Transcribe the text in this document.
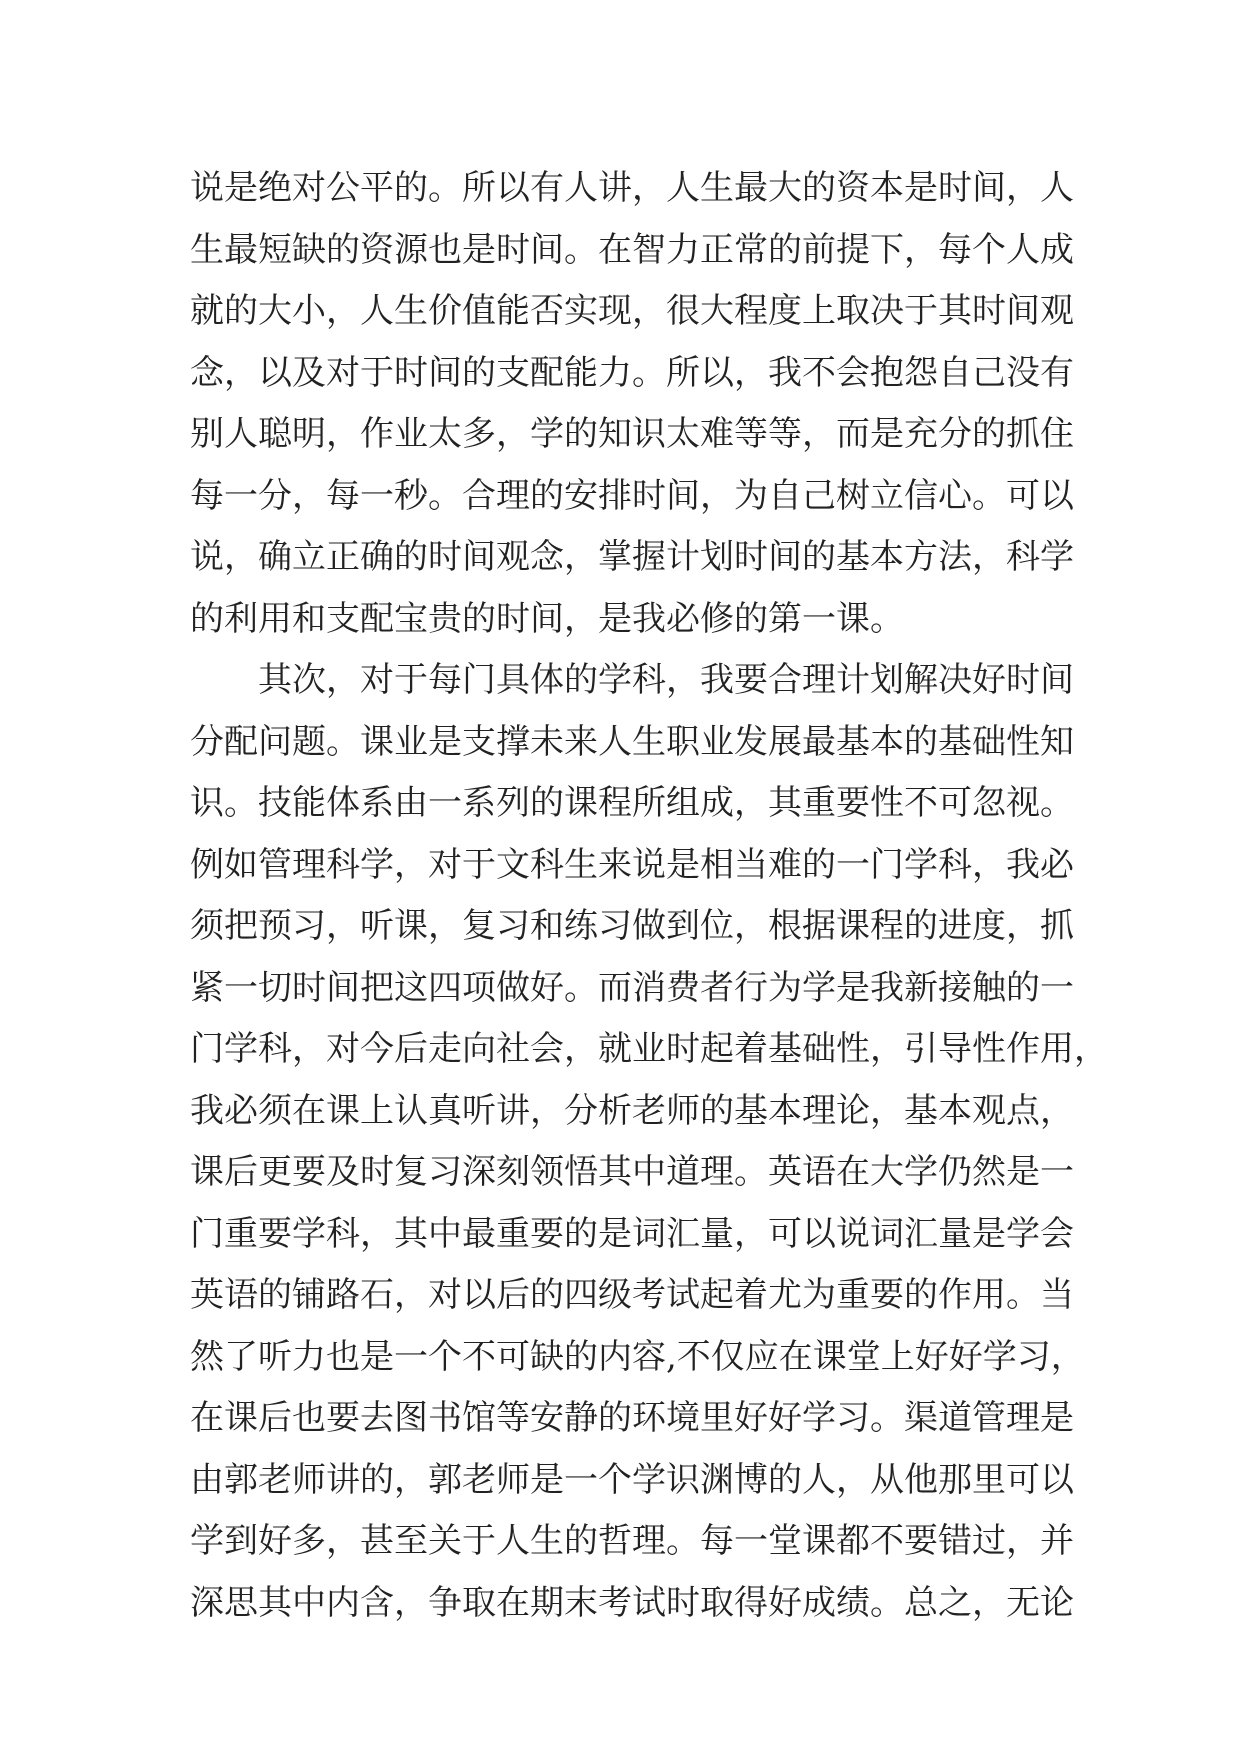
说是绝对公平的。所以有人讲，人生最大的资本是时间，人
生最短缺的资源也是时间。在智力正常的前提下，每个人成
就的大小，人生价值能否实现，很大程度上取决于其时间观
念，以及对于时间的支配能力。所以，我不会抱怨自己没有
别人聪明，作业太多，学的知识太难等等，而是充分的抓住
每一分，每一秒。合理的安排时间，为自己树立信心。可以
说，确立正确的时间观念，掌握计划时间的基本方法，科学
的利用和支配宝贵的时间，是我必修的第一课。
其次，对于每门具体的学科，我要合理计划解决好时间
分配问题。课业是支撑未来人生职业发展最基本的基础性知
识。技能体系由一系列的课程所组成，其重要性不可忽视。
例如管理科学，对于文科生来说是相当难的一门学科，我必
须把预习，听课，复习和练习做到位，根据课程的进度，抓
紧一切时间把这四项做好。而消费者行为学是我新接触的一
门学科，对今后走向社会，就业时起着基础性，引导性作用，
我必须在课上认真听讲，分析老师的基本理论，基本观点，
课后更要及时复习深刻领悟其中道理。英语在大学仍然是一
门重要学科，其中最重要的是词汇量，可以说词汇量是学会
英语的铺路石，对以后的四级考试起着尤为重要的作用。当
然了听力也是一个不可缺的内容,不仅应在课堂上好好学习，
在课后也要去图书馆等安静的环境里好好学习。渠道管理是
由郭老师讲的，郭老师是一个学识渊博的人，从他那里可以
学到好多，甚至关于人生的哲理。每一堂课都不要错过，并
深思其中内含，争取在期末考试时取得好成绩。总之，无论
